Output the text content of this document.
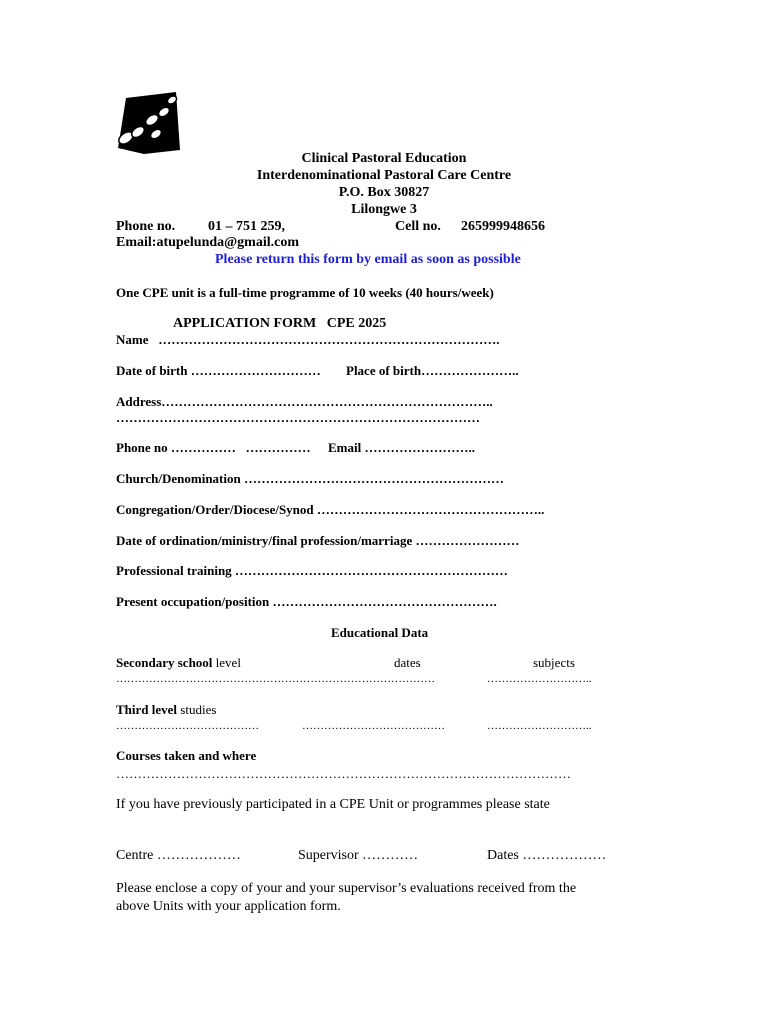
Clinical Pastoral Education
Interdenominational Pastoral Care Centre
P.O. Box 30827
Lilongwe 3
Phone no. 01 – 751 259,	Cell no. 265999948656
Email:atupelunda@gmail.com
Please return this form by email as soon as possible
One CPE unit is a full-time programme of 10 weeks (40 hours/week)
APPLICATION FORM   CPE 2025
Name   …………………………………………………………………….
Date of birth ………………………… Place of birth…………………..
Address…………………………………………………………………..
…………………………………………………………………………
Phone no ……………   …………… Email ……………………..
Church/Denomination ……………………………………………………
Congregation/Order/Diocese/Synod ……………………………………………..
Date of ordination/ministry/final profession/marriage ……………………
Professional training ………………………………………………………
Present occupation/position …………………………………………….
Educational Data
Secondary school level	dates	subjects
……………………………………………………………………………	………………………..
Third level studies
…………………………………	…………………………………	………………………..
Courses taken and where
……………………………………………………………………………………………
If you have previously participated in a CPE Unit or programmes please state
Centre ………………	Supervisor …………	Dates ………………
Please enclose a copy of your and your supervisor’s evaluations received from the
above Units with your application form.
